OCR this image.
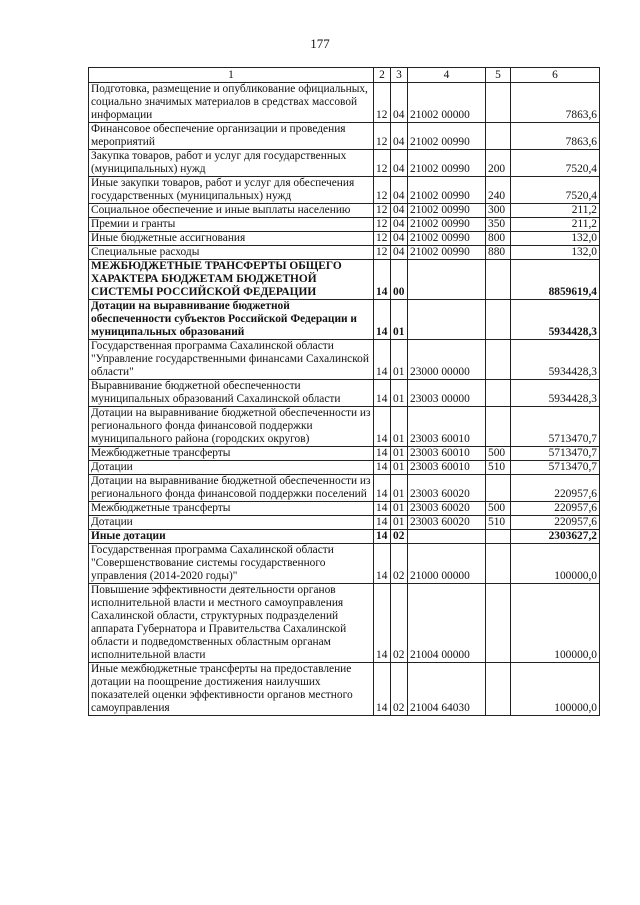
177
1	2	3	4	5	6
Подготовка, размещение и опубликование официальных, социально значимых материалов в средствах массовой информации	12	04	21002 00000		7863,6
Финансовое обеспечение организации и проведения мероприятий	12	04	21002 00990		7863,6
Закупка товаров, работ и услуг для государственных (муниципальных) нужд	12	04	21002 00990	200	7520,4
Иные закупки товаров, работ и услуг для обеспечения государственных (муниципальных) нужд	12	04	21002 00990	240	7520,4
Социальное обеспечение и иные выплаты населению	12	04	21002 00990	300	211,2
Премии и гранты	12	04	21002 00990	350	211,2
Иные бюджетные ассигнования	12	04	21002 00990	800	132,0
Специальные расходы	12	04	21002 00990	880	132,0
МЕЖБЮДЖЕТНЫЕ ТРАНСФЕРТЫ ОБЩЕГО ХАРАКТЕРА БЮДЖЕТАМ БЮДЖЕТНОЙ СИСТЕМЫ РОССИЙСКОЙ ФЕДЕРАЦИИ	14	00			8859619,4
Дотации на выравнивание бюджетной обеспеченности субъектов Российской Федерации и муниципальных образований	14	01			5934428,3
Государственная программа Сахалинской области "Управление государственными финансами Сахалинской области"	14	01	23000 00000		5934428,3
Выравнивание бюджетной обеспеченности муниципальных образований Сахалинской области	14	01	23003 00000		5934428,3
Дотации на выравнивание бюджетной обеспеченности из регионального фонда финансовой поддержки муниципального района (городских округов)	14	01	23003 60010		5713470,7
Межбюджетные трансферты	14	01	23003 60010	500	5713470,7
Дотации	14	01	23003 60010	510	5713470,7
Дотации на выравнивание бюджетной обеспеченности из регионального фонда финансовой поддержки поселений	14	01	23003 60020		220957,6
Межбюджетные трансферты	14	01	23003 60020	500	220957,6
Дотации	14	01	23003 60020	510	220957,6
Иные дотации	14	02			2303627,2
Государственная программа Сахалинской области "Совершенствование системы государственного управления (2014-2020 годы)"	14	02	21000 00000		100000,0
Повышение эффективности деятельности органов исполнительной власти и местного самоуправления Сахалинской области, структурных подразделений аппарата Губернатора и Правительства Сахалинской области и подведомственных областным органам исполнительной власти	14	02	21004 00000		100000,0
Иные межбюджетные трансферты на предоставление дотации на поощрение достижения наилучших показателей оценки эффективности органов местного самоуправления	14	02	21004 64030		100000,0
